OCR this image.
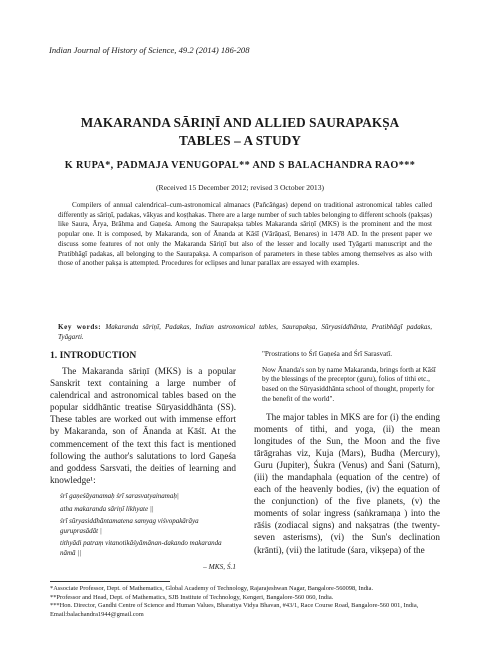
Indian Journal of History of Science, 49.2 (2014) 186-208
MAKARANDA SĀRIṆĪ AND ALLIED SAURAPAKṢA
TABLES – A STUDY
K RUPA*, PADMAJA VENUGOPAL** AND S BALACHANDRA RAO***
(Received 15 December 2012; revised 3 October 2013)

Compilers of annual calendrical–cum-astronomical almanacs (Pañcāṅgas) depend on traditional astronomical tables called differently as sāriṇī, padakas, vākyas and koṣṭhakas. There are a large number of such tables belonging to different schools (pakṣas) like Saura, Ārya, Brāhma and Gaṇeśa. Among the Saurapakṣa tables Makaranda sāriṇī (MKS) is the prominent and the most popular one. It is composed, by Makaranda, son of Ānanda at Kāśī (Vārāṇasī, Benares) in 1478 AD. In the present paper we discuss some features of not only the Makaranda Sāriṇī but also of the lesser and locally used Tyāgarti manuscript and the Pratibhāgī padakas, all belonging to the Saurapakṣa. A comparison of parameters in these tables among themselves as also with those of another pakṣa is attempted. Procedures for eclipses and lunar parallax are essayed with examples.

Key words: Makaranda sāriṇī, Padakas, Indian astronomical tables, Saurapakṣa, Sūryasiddhānta, Pratibhāgī padakas, Tyāgarti.

1. INTRODUCTION

The Makaranda sāriṇī (MKS) is a popular Sanskrit text containing a large number of calendrical and astronomical tables based on the popular siddhāntic treatise Sūryasiddhānta (SS). These tables are worked out with immense effort by Makaranda, son of Ānanda at Kāśī. At the commencement of the text this fact is mentioned following the author's salutations to lord Gaṇeśa and goddess Sarsvati, the deities of learning and knowledge¹:

śrī gaṇeśāyanamaḥ śrī sarasvatyainamaḥ|
atha makaranda sāriṇī likhyate ||
śrī sūryasiddhāntamatena samyag viśvopakārāya guruprasādāt |
tithyādi patraṃ vitanotikāśyāmānan-dakando makaranda nāmā ||
– MKS, Ś.1

"Prostrations to Śrī Gaṇeśa and Śrī Sarasvatī.

Now Ānanda's son by name Makaranda, brings forth at Kāśī by the blessings of the preceptor (guru), folios of tithi etc., based on the Sūryasiddhānta school of thought, properly for the benefit of the world".

The major tables in MKS are for (i) the ending moments of tithi, and yoga, (ii) the mean longitudes of the Sun, the Moon and the five tārāgrahas viz, Kuja (Mars), Budha (Mercury), Guru (Jupiter), Śukra (Venus) and Śani (Saturn), (iii) the mandaphala (equation of the centre) of each of the heavenly bodies, (iv) the equation of the conjunction) of the five planets, (v) the moments of solar ingress (saṅkramaṇa ) into the rāśis (zodiacal signs) and nakṣatras (the twenty-seven asterisms), (vi) the Sun's declination (krānti), (vii) the latitude (śara, vikṣepa) of the

*Associate Professor, Dept. of Mathematics, Global Academy of Technology, Rajarajeshwan Nagar, Bangalore-560098, India.

**Professor and Head, Dept. of Mathematics, SJB Institute of Technology, Kengeri, Bangalore-560 060, India.

***Hon. Director, Gandhi Centre of Science and Human Values, Bharatiya Vidya Bhavan, #43/1, Race Course Road, Bangalore-560 001, India, Email:balachandra1944@gmail.com
